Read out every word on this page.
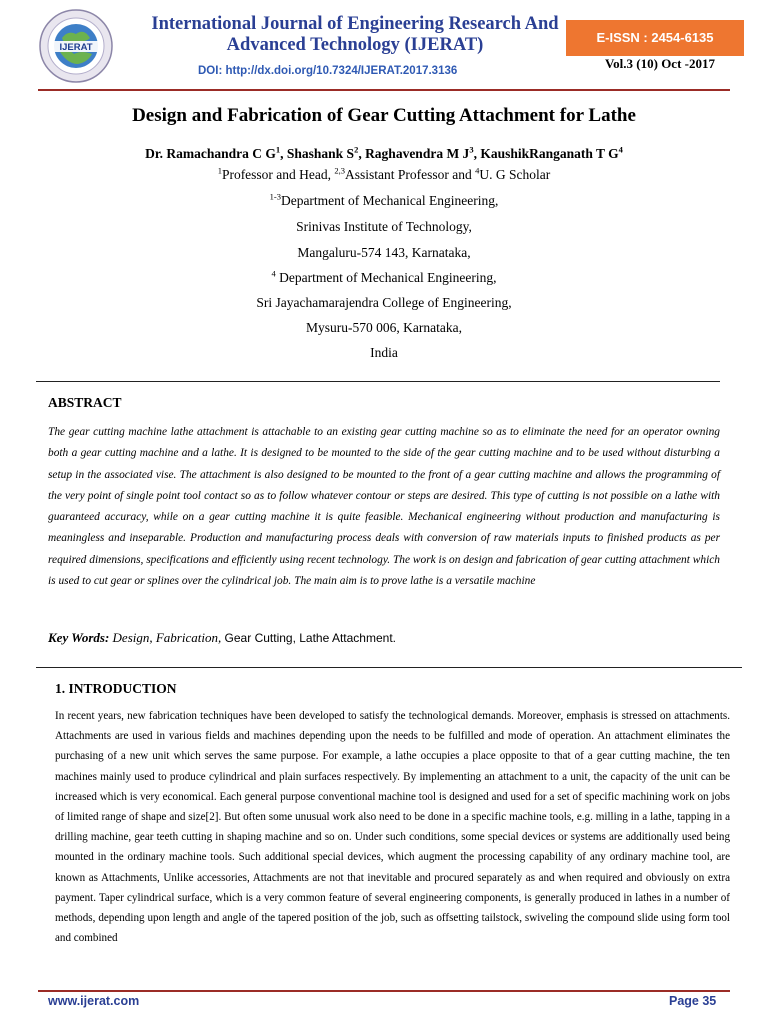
IJERAT
International Journal of Engineering Research And
Advanced Technology (IJERAT)
DOI: http://dx.doi.org/10.7324/IJERAT.2017.3136
E-ISSN : 2454-6135
Vol.3 (10) Oct -2017
Design and Fabrication of Gear Cutting Attachment for Lathe
Dr. Ramachandra C $G^1$, Shashank $S^2$, Raghavendra M $J^3$, KaushikRanganath T $G^4$
$^1$Professor and Head, $^{2,3}$Assistant Professor and $^4$U. G Scholar
$^{1-3}$Department of Mechanical Engineering,
Srinivas Institute of Technology,
Mangaluru-574 143, Karnataka,
$^4$ Department of Mechanical Engineering,
Sri Jayachamarajendra College of Engineering,
Mysuru-570 006, Karnataka,
India
ABSTRACT

The gear cutting machine lathe attachment is attachable to an existing gear cutting machine so as to eliminate the need for an operator owning both a gear cutting machine and a lathe. It is designed to be mounted to the side of the gear cutting machine and to be used without disturbing a setup in the associated vise. The attachment is also designed to be mounted to the front of a gear cutting machine and allows the programming of the very point of single point tool contact so as to follow whatever contour or steps are desired. This type of cutting is not possible on a lathe with guaranteed accuracy, while on a gear cutting machine it is quite feasible. Mechanical engineering without production and manufacturing is meaningless and inseparable. Production and manufacturing process deals with conversion of raw materials inputs to finished products as per required dimensions, specifications and efficiently using recent technology. The work is on design and fabrication of gear cutting attachment which is used to cut gear or splines over the cylindrical job. The main aim is to prove lathe is a versatile machine

Key Words: Design, Fabrication, Gear Cutting, Lathe Attachment.
1. INTRODUCTION

In recent years, new fabrication techniques have been developed to satisfy the technological demands. Moreover, emphasis is stressed on attachments. Attachments are used in various fields and machines depending upon the needs to be fulfilled and mode of operation. An attachment eliminates the purchasing of a new unit which serves the same purpose. For example, a lathe occupies a place opposite to that of a gear cutting machine, the ten machines mainly used to produce cylindrical and plain surfaces respectively. By implementing an attachment to a unit, the capacity of the unit can be increased which is very economical. Each general purpose conventional machine tool is designed and used for a set of specific machining work on jobs of limited range of shape and size[2]. But often some unusual work also need to be done in a specific machine tools, e.g. milling in a lathe, tapping in a drilling machine, gear teeth cutting in shaping machine and so on. Under such conditions, some special devices or systems are additionally used being mounted in the ordinary machine tools. Such additional special devices, which augment the processing capability of any ordinary machine tool, are known as Attachments, Unlike accessories, Attachments are not that inevitable and procured separately as and when required and obviously on extra payment. Taper cylindrical surface, which is a very common feature of several engineering components, is generally produced in lathes in a number of methods, depending upon length and angle of the tapered position of the job, such as offsetting tailstock, swiveling the compound slide using form tool and combined

www.ijerat.com	Page 35
